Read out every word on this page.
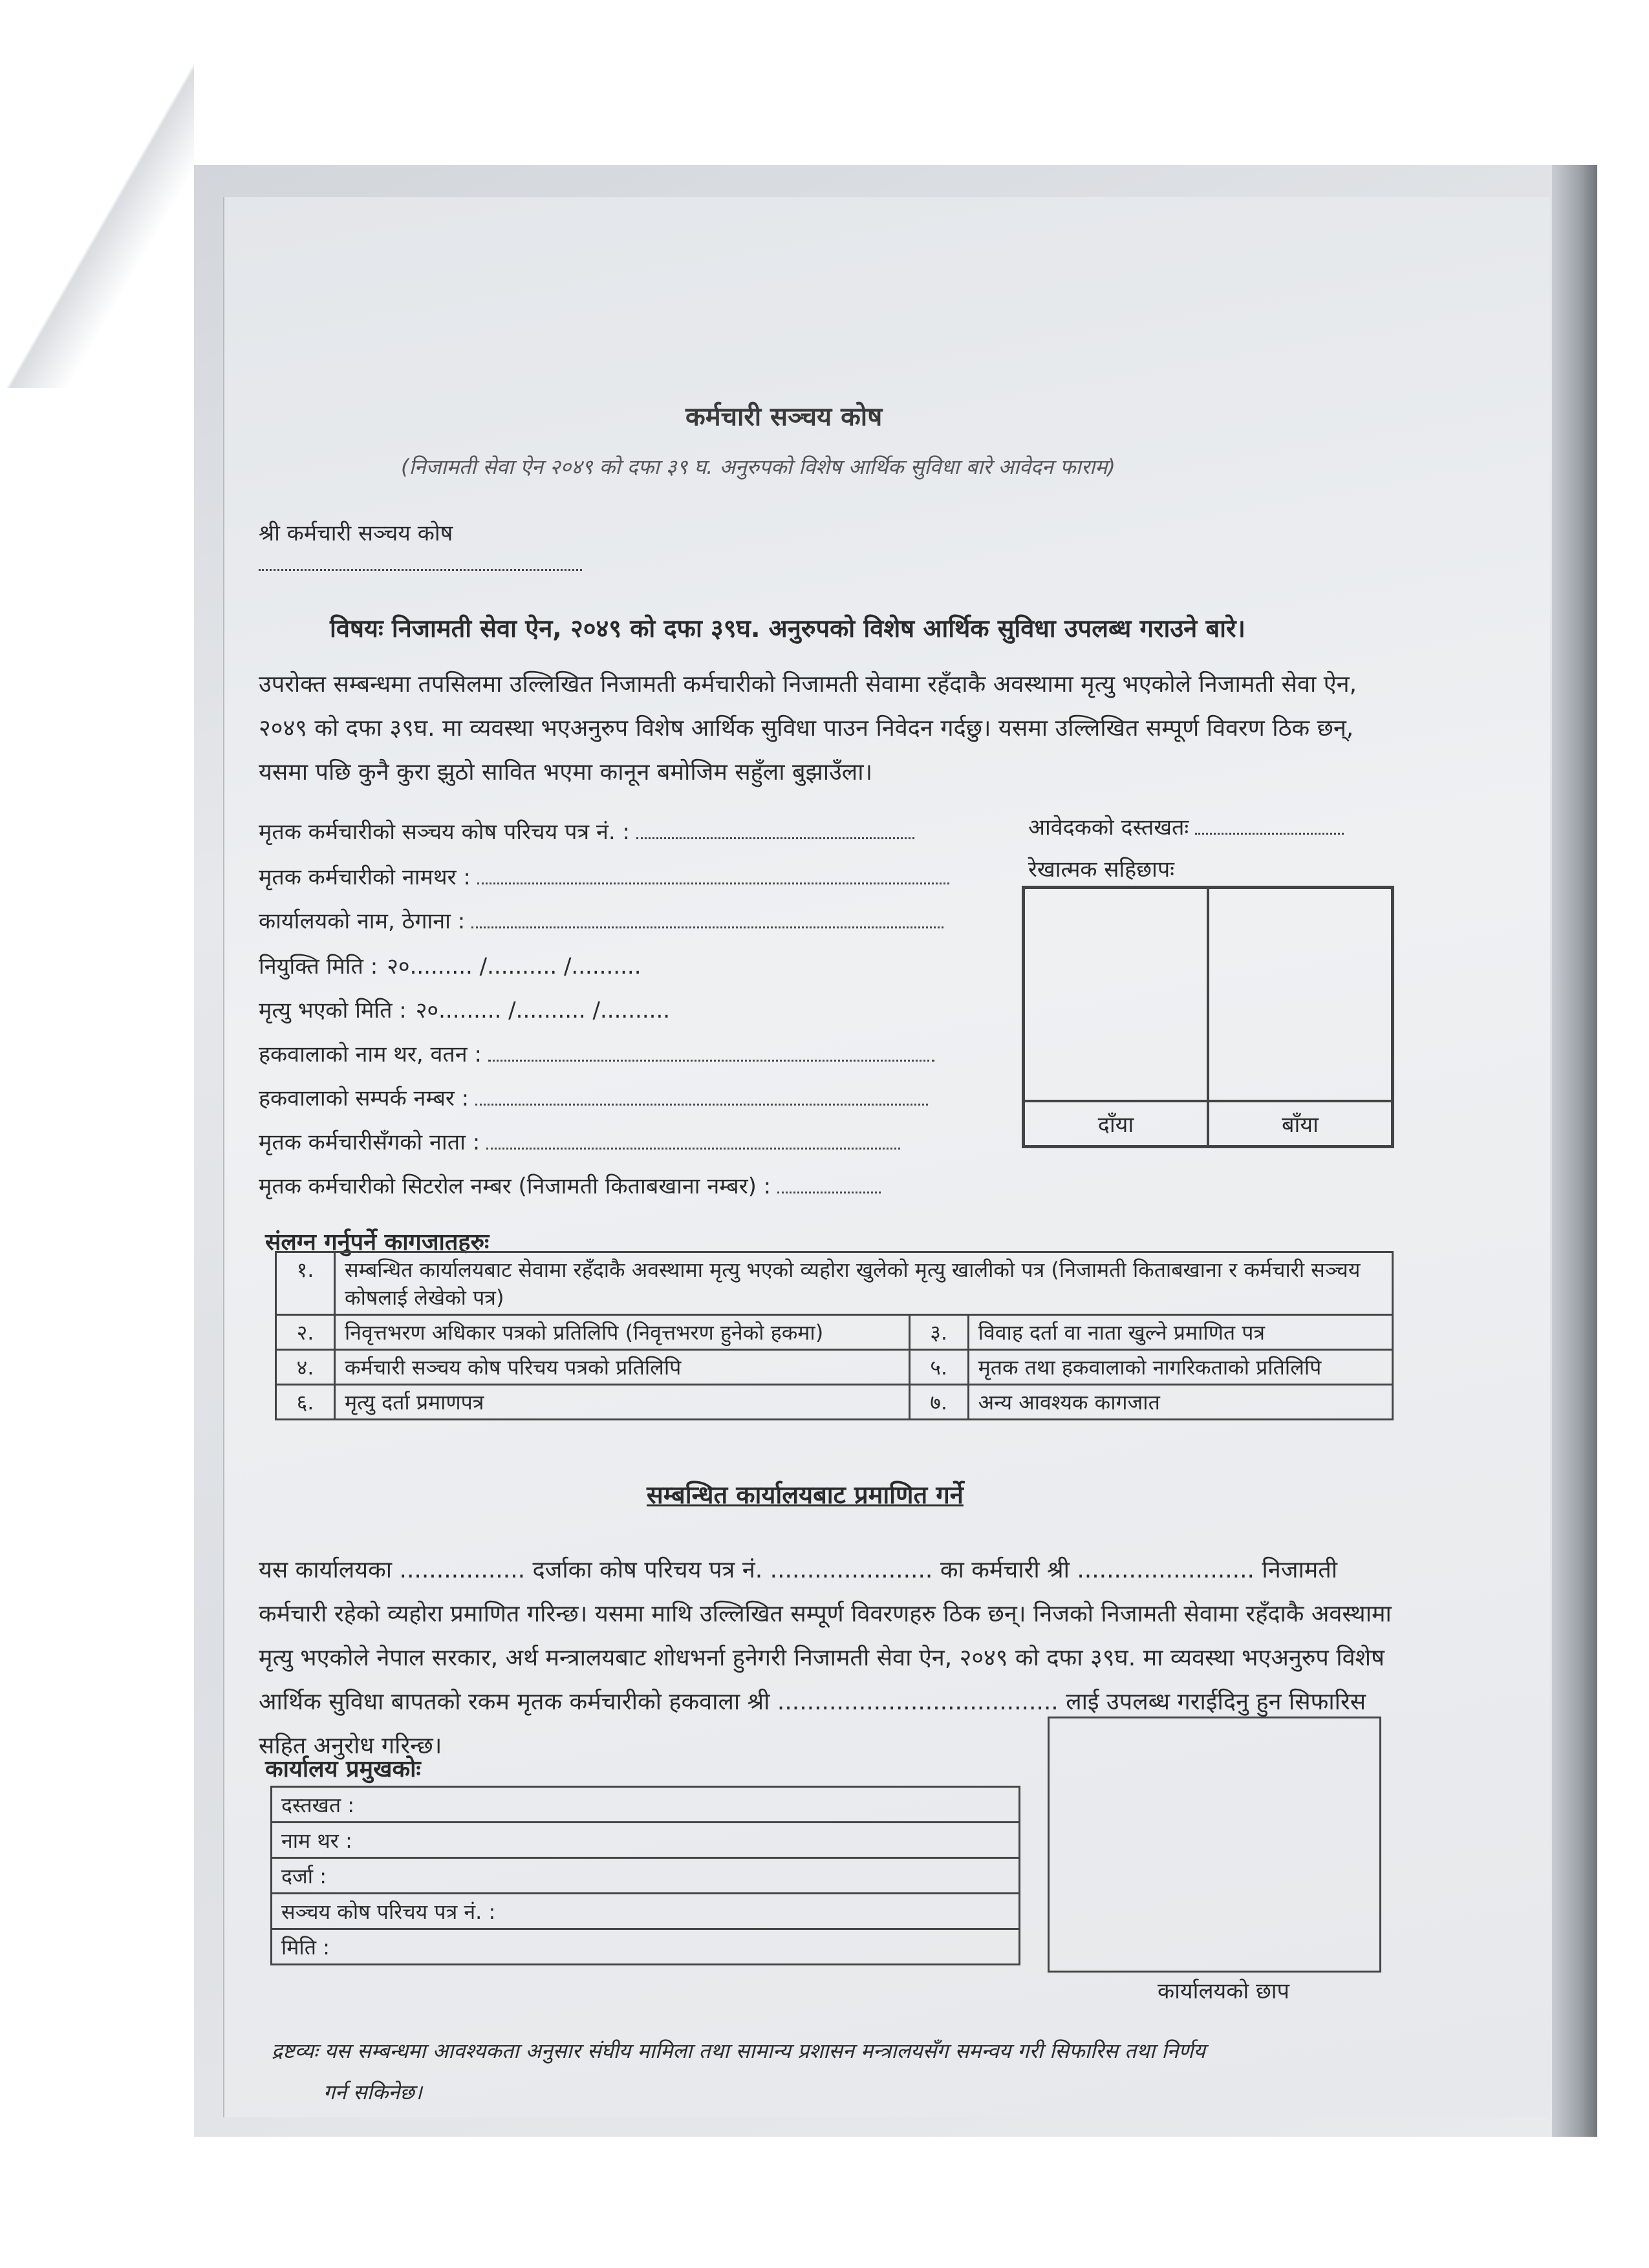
कर्मचारी सञ्चय कोष
(निजामती सेवा ऐन २०४९ को दफा ३९ घ. अनुरुपको विशेष आर्थिक सुविधा बारे आवेदन फाराम)
श्री कर्मचारी सञ्चय कोष
विषयः निजामती सेवा ऐन, २०४९ को दफा ३९घ. अनुरुपको विशेष आर्थिक सुविधा उपलब्ध गराउने बारे।
उपरोक्त सम्बन्धमा तपसिलमा उल्लिखित निजामती कर्मचारीको निजामती सेवामा रहँदाकै अवस्थामा मृत्यु भएकोले निजामती सेवा ऐन, २०४९ को दफा ३९घ. मा व्यवस्था भएअनुरुप विशेष आर्थिक सुविधा पाउन निवेदन गर्दछु। यसमा उल्लिखित सम्पूर्ण विवरण ठिक छन्, यसमा पछि कुनै कुरा झुठो सावित भएमा कानून बमोजिम सहुँला बुझाउँला।
मृतक कर्मचारीको सञ्चय कोष परिचय पत्र नं. :
मृतक कर्मचारीको नामथर :
कार्यालयको नाम, ठेगाना :
नियुक्ति मिति : २०......... /.......... /..........
मृत्यु भएको मिति : २०......... /.......... /..........
हकवालाको नाम थर, वतन :
हकवालाको सम्पर्क नम्बर :
मृतक कर्मचारीसँगको नाता :
मृतक कर्मचारीको सिटरोल नम्बर (निजामती किताबखाना नम्बर) :
आवेदकको दस्तखतः
रेखात्मक सहिछापः
दाँया	बाँया
संलग्न गर्नुपर्ने कागजातहरुः
१.	सम्बन्धित कार्यालयबाट सेवामा रहँदाकै अवस्थामा मृत्यु भएको व्यहोरा खुलेको मृत्यु खालीको पत्र (निजामती किताबखाना र कर्मचारी सञ्चय कोषलाई लेखेको पत्र)		
२.	निवृत्तभरण अधिकार पत्रको प्रतिलिपि (निवृत्तभरण हुनेको हकमा)	३.	विवाह दर्ता वा नाता खुल्ने प्रमाणित पत्र
४.	कर्मचारी सञ्चय कोष परिचय पत्रको प्रतिलिपि	५.	मृतक तथा हकवालाको नागरिकताको प्रतिलिपि
६.	मृत्यु दर्ता प्रमाणपत्र	७.	अन्य आवश्यक कागजात
सम्बन्धित कार्यालयबाट प्रमाणित गर्ने
यस कार्यालयका ................. दर्जाका कोष परिचय पत्र नं. ...................... का कर्मचारी श्री ........................ निजामती कर्मचारी रहेको व्यहोरा प्रमाणित गरिन्छ। यसमा माथि उल्लिखित सम्पूर्ण विवरणहरु ठिक छन्। निजको निजामती सेवामा रहँदाकै अवस्थामा मृत्यु भएकोले नेपाल सरकार, अर्थ मन्त्रालयबाट शोधभर्ना हुनेगरी निजामती सेवा ऐन, २०४९ को दफा ३९घ. मा व्यवस्था भएअनुरुप विशेष आर्थिक सुविधा बापतको रकम मृतक कर्मचारीको हकवाला श्री ...................................... लाई उपलब्ध गराईदिनु हुन सिफारिस सहित अनुरोध गरिन्छ।
कार्यालय प्रमुखकोः
दस्तखत :
नाम थर :
दर्जा :
सञ्चय कोष परिचय पत्र नं. :
मिति :
कार्यालयको छाप
द्रष्टव्यः यस सम्बन्धमा आवश्यकता अनुसार संघीय मामिला तथा सामान्य प्रशासन मन्त्रालयसँग समन्वय गरी सिफारिस तथा निर्णय
गर्न सकिनेछ।
